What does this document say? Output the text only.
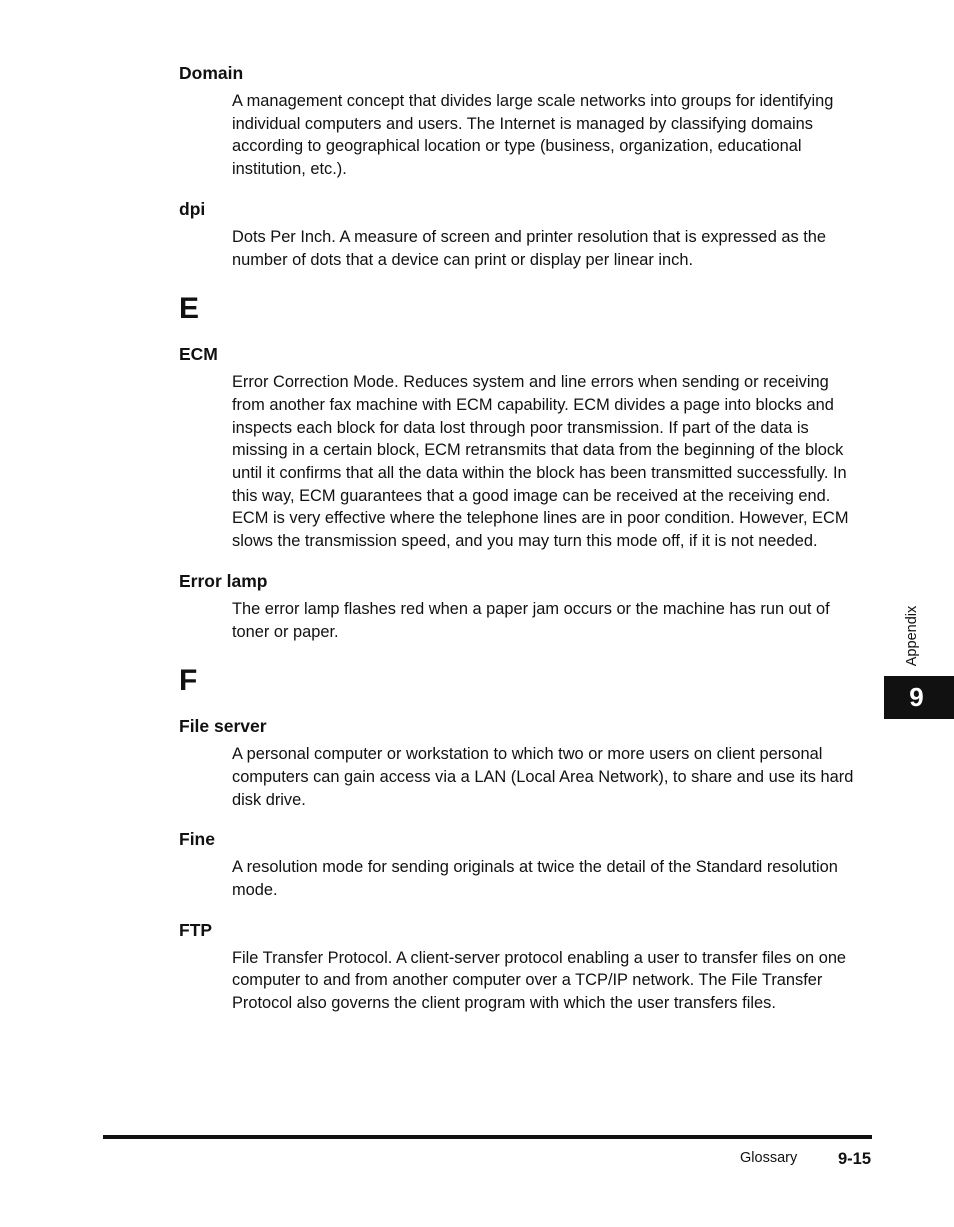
Domain
A management concept that divides large scale networks into groups for identifying
individual computers and users. The Internet is managed by classifying domains
according to geographical location or type (business, organization, educational
institution, etc.).
dpi
Dots Per Inch. A measure of screen and printer resolution that is expressed as the
number of dots that a device can print or display per linear inch.
E
ECM
Error Correction Mode. Reduces system and line errors when sending or receiving
from another fax machine with ECM capability. ECM divides a page into blocks and
inspects each block for data lost through poor transmission. If part of the data is
missing in a certain block, ECM retransmits that data from the beginning of the block
until it confirms that all the data within the block has been transmitted successfully. In
this way, ECM guarantees that a good image can be received at the receiving end.
ECM is very effective where the telephone lines are in poor condition. However, ECM
slows the transmission speed, and you may turn this mode off, if it is not needed.
Error lamp
The error lamp flashes red when a paper jam occurs or the machine has run out of
toner or paper.
F
File server
A personal computer or workstation to which two or more users on client personal
computers can gain access via a LAN (Local Area Network), to share and use its hard
disk drive.
Fine
A resolution mode for sending originals at twice the detail of the Standard resolution
mode.
FTP
File Transfer Protocol. A client-server protocol enabling a user to transfer files on one
computer to and from another computer over a TCP/IP network. The File Transfer
Protocol also governs the client program with which the user transfers files.
Appendix
9
Glossary 9-15
